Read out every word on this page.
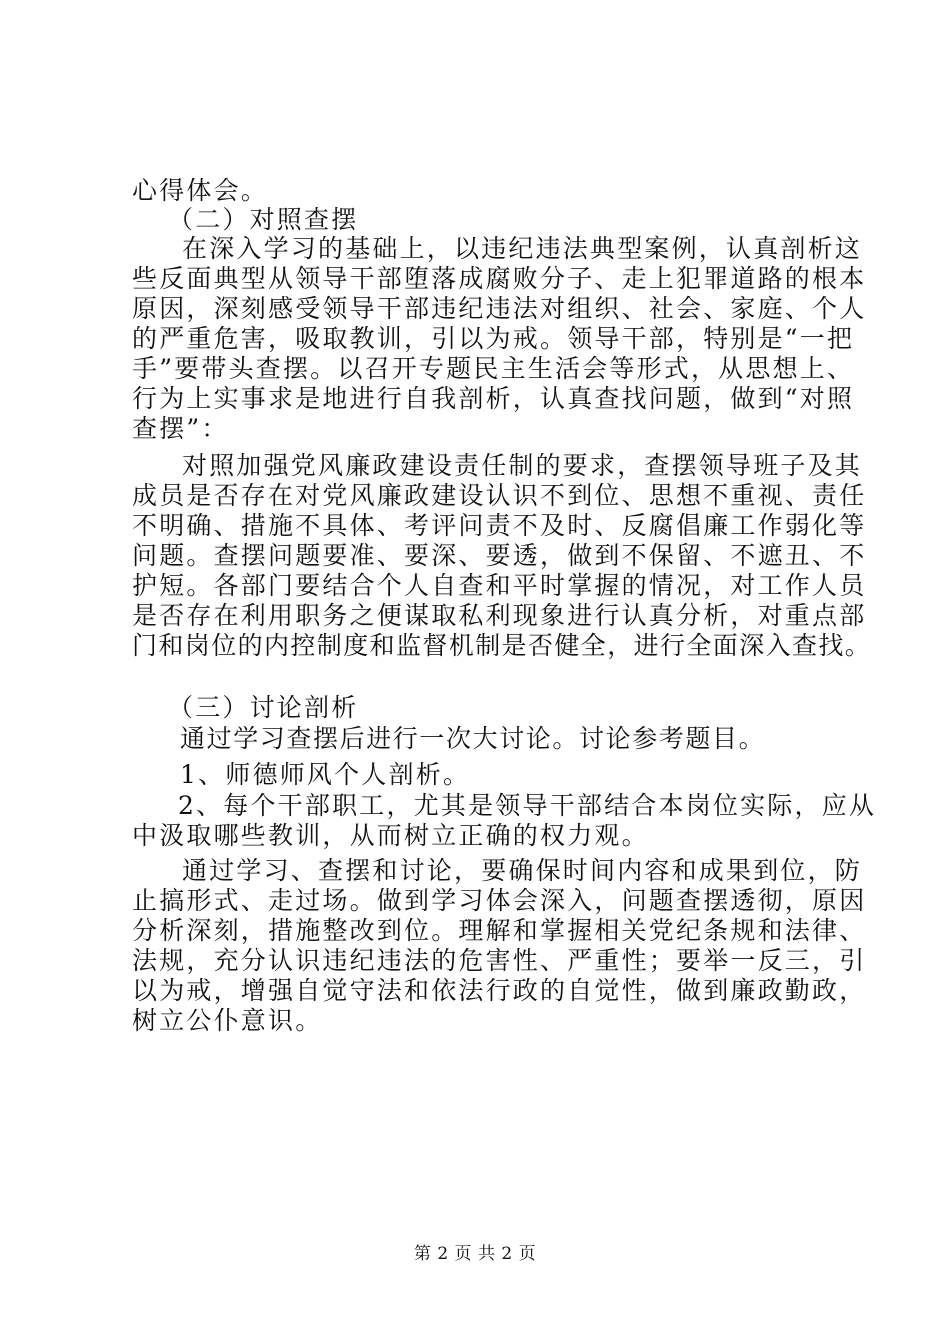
心得体会。
（二）对照查摆
在深入学习的基础上，以违纪违法典型案例，认真剖析这
些反面典型从领导干部堕落成腐败分子、走上犯罪道路的根本
原因，深刻感受领导干部违纪违法对组织、社会、家庭、个人
的严重危害，吸取教训，引以为戒。领导干部，特别是“一把
手”要带头查摆。以召开专题民主生活会等形式，从思想上、
行为上实事求是地进行自我剖析，认真查找问题，做到“对照
查摆”：
对照加强党风廉政建设责任制的要求，查摆领导班子及其
成员是否存在对党风廉政建设认识不到位、思想不重视、责任
不明确、措施不具体、考评问责不及时、反腐倡廉工作弱化等
问题。查摆问题要准、要深、要透，做到不保留、不遮丑、不
护短。各部门要结合个人自查和平时掌握的情况，对工作人员
是否存在利用职务之便谋取私利现象进行认真分析，对重点部
门和岗位的内控制度和监督机制是否健全，进行全面深入查找。
（三）讨论剖析
通过学习查摆后进行一次大讨论。讨论参考题目。
1、师德师风个人剖析。
2、每个干部职工，尤其是领导干部结合本岗位实际，应从
中汲取哪些教训，从而树立正确的权力观。
通过学习、查摆和讨论，要确保时间内容和成果到位，防
止搞形式、走过场。做到学习体会深入，问题查摆透彻，原因
分析深刻，措施整改到位。理解和掌握相关党纪条规和法律、
法规，充分认识违纪违法的危害性、严重性；要举一反三，引
以为戒，增强自觉守法和依法行政的自觉性，做到廉政勤政，
树立公仆意识。
第 2 页 共 2 页
